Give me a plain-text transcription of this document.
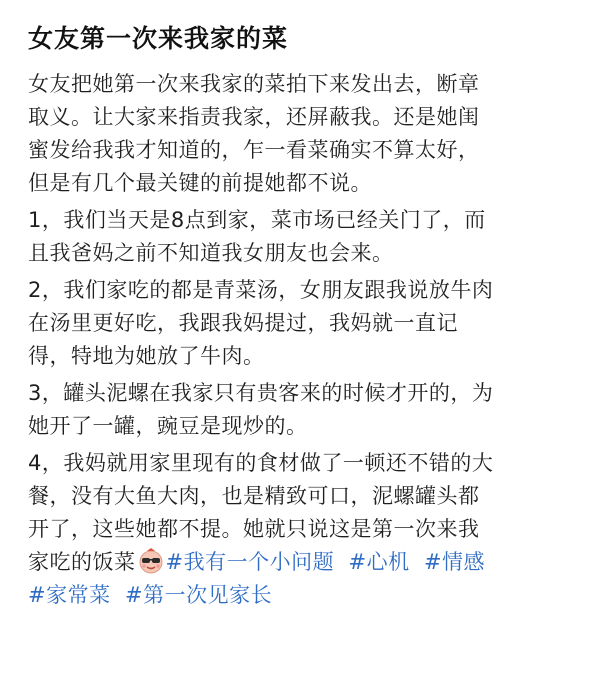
女友第一次来我家的菜
女友把她第一次来我家的菜拍下来发出去，断章
取义。让大家来指责我家，还屏蔽我。还是她闺
蜜发给我我才知道的，乍一看菜确实不算太好，
但是有几个最关键的前提她都不说。
1，我们当天是8点到家，菜市场已经关门了，而
且我爸妈之前不知道我女朋友也会来。
2，我们家吃的都是青菜汤，女朋友跟我说放牛肉
在汤里更好吃，我跟我妈提过，我妈就一直记
得，特地为她放了牛肉。
3，罐头泥螺在我家只有贵客来的时候才开的，为
她开了一罐，豌豆是现炒的。
4，我妈就用家里现有的食材做了一顿还不错的大
餐，没有大鱼大肉，也是精致可口，泥螺罐头都
开了，这些她都不提。她就只说这是第一次来我
家吃的饭菜 #我有一个小问题 #心机 #情感
#家常菜 #第一次见家长
